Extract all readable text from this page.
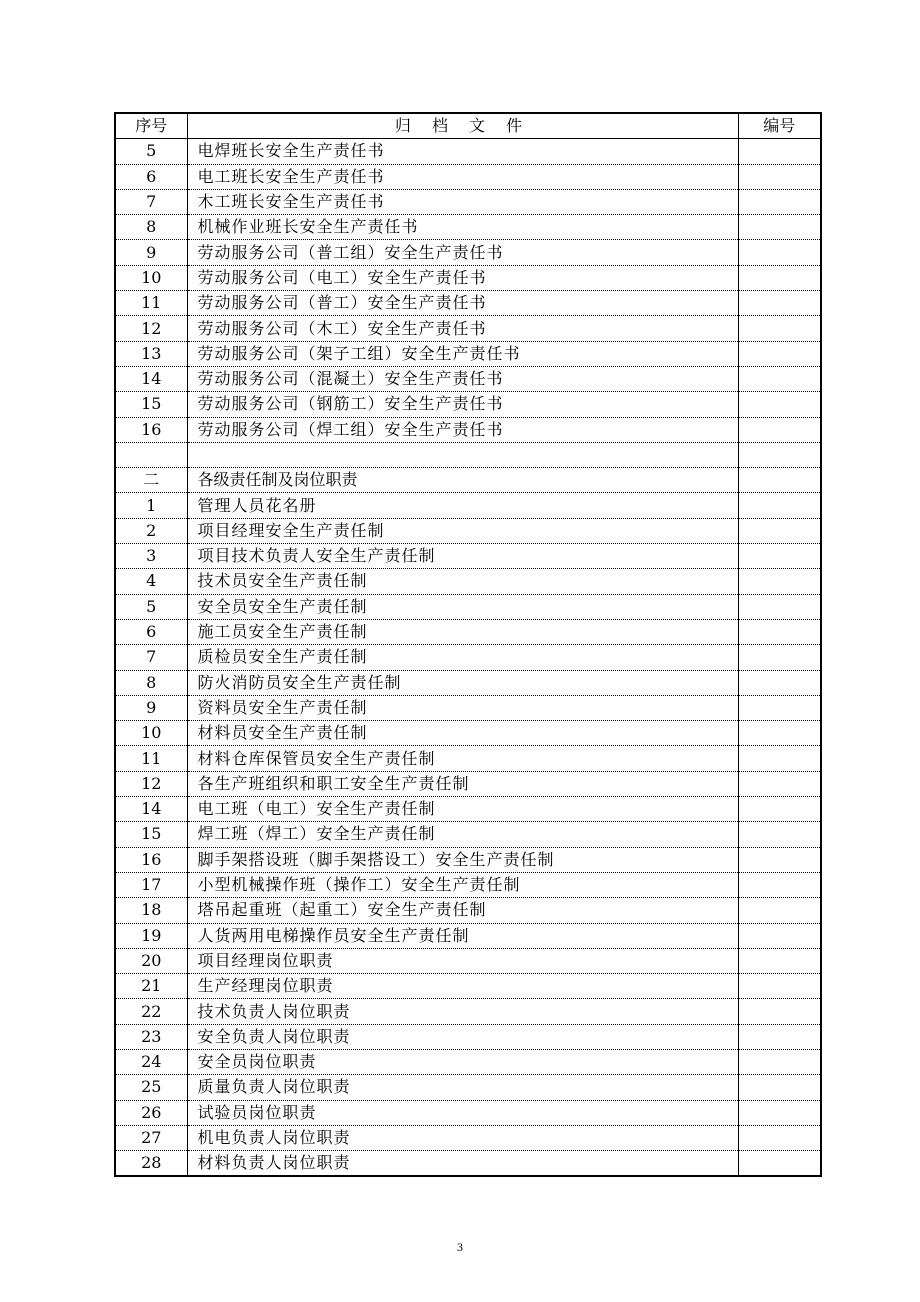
序号	归 档 文 件	编号
5	电焊班长安全生产责任书	
6	电工班长安全生产责任书	
7	木工班长安全生产责任书	
8	机械作业班长安全生产责任书	
9	劳动服务公司（普工组）安全生产责任书	
10	劳动服务公司（电工）安全生产责任书	
11	劳动服务公司（普工）安全生产责任书	
12	劳动服务公司（木工）安全生产责任书	
13	劳动服务公司（架子工组）安全生产责任书	
14	劳动服务公司（混凝土）安全生产责任书	
15	劳动服务公司（钢筋工）安全生产责任书	
16	劳动服务公司（焊工组）安全生产责任书	

二	各级责任制及岗位职责	
1	管理人员花名册	
2	项目经理安全生产责任制	
3	项目技术负责人安全生产责任制	
4	技术员安全生产责任制	
5	安全员安全生产责任制	
6	施工员安全生产责任制	
7	质检员安全生产责任制	
8	防火消防员安全生产责任制	
9	资料员安全生产责任制	
10	材料员安全生产责任制	
11	材料仓库保管员安全生产责任制	
12	各生产班组织和职工安全生产责任制	
14	电工班（电工）安全生产责任制	
15	焊工班（焊工）安全生产责任制	
16	脚手架搭设班（脚手架搭设工）安全生产责任制	
17	小型机械操作班（操作工）安全生产责任制	
18	塔吊起重班（起重工）安全生产责任制	
19	人货两用电梯操作员安全生产责任制	
20	项目经理岗位职责	
21	生产经理岗位职责	
22	技术负责人岗位职责	
23	安全负责人岗位职责	
24	安全员岗位职责	
25	质量负责人岗位职责	
26	试验员岗位职责	
27	机电负责人岗位职责	
28	材料负责人岗位职责	
3
